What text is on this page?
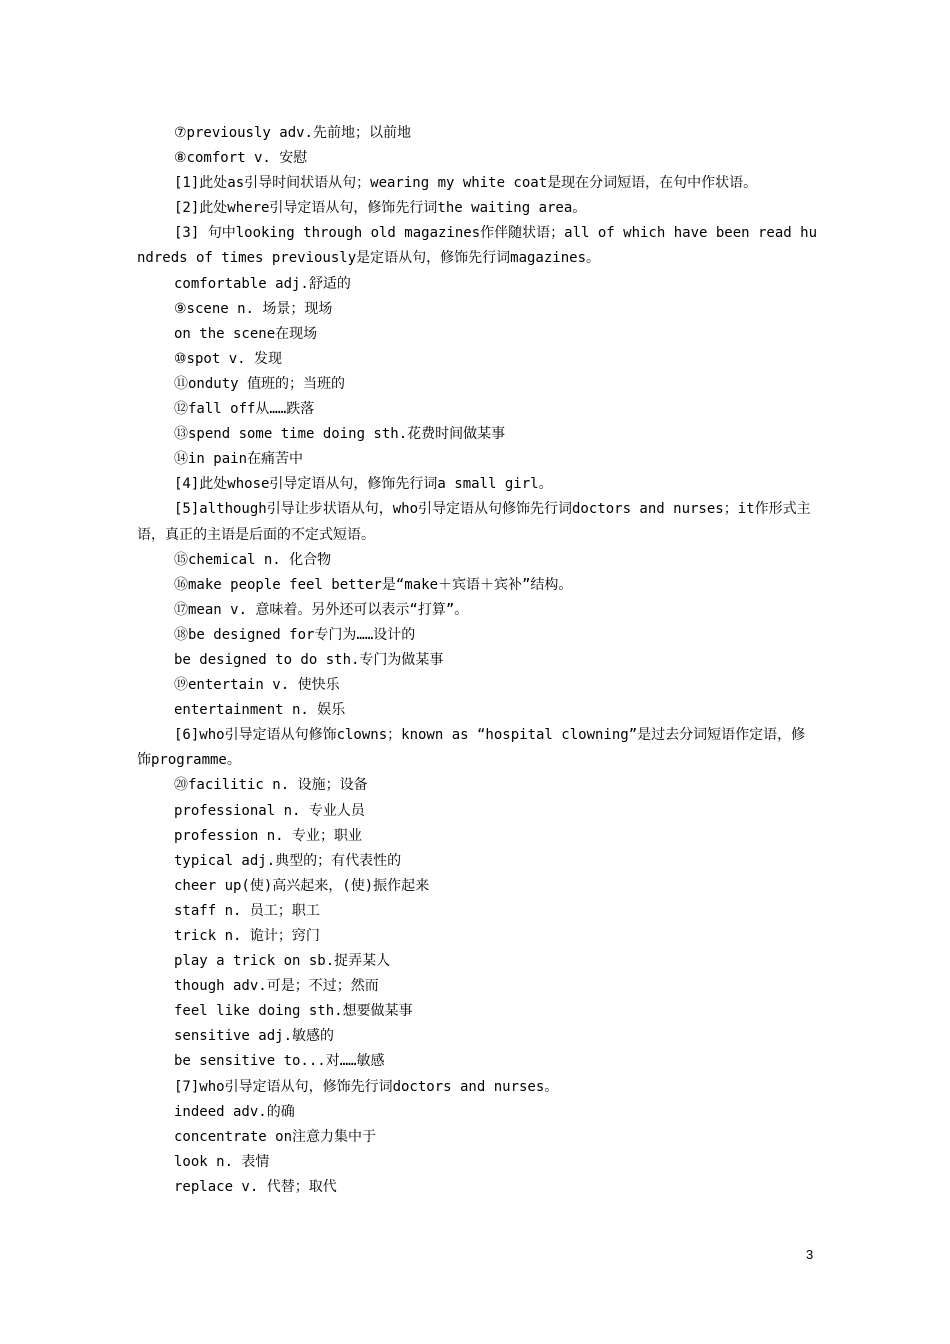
⑦previously adv.先前地；以前地
⑧comfort v. 安慰
[1]此处as引导时间状语从句；wearing my white coat是现在分词短语，在句中作状语。
[2]此处where引导定语从句，修饰先行词the waiting area。
[3] 句中looking through old magazines作伴随状语；all of which have been read hundreds of times previously是定语从句，修饰先行词magazines。
comfortable adj.舒适的
⑨scene n. 场景；现场
on the scene在现场
⑩spot v. 发现
⑪onduty 值班的；当班的
⑫fall off从……跌落
⑬spend some time doing sth.花费时间做某事
⑭in pain在痛苦中
[4]此处whose引导定语从句，修饰先行词a small girl。
[5]although引导让步状语从句，who引导定语从句修饰先行词doctors and nurses；it作形式主语，真正的主语是后面的不定式短语。
⑮chemical n. 化合物
⑯make people feel better是“make＋宾语＋宾补”结构。
⑰mean v. 意味着。另外还可以表示“打算”。
⑱be designed for专门为……设计的
be designed to do sth.专门为做某事
⑲entertain v. 使快乐
entertainment n. 娱乐
[6]who引导定语从句修饰clowns；known as “hospital clowning”是过去分词短语作定语，修饰programme。
⑳facilitic n. 设施；设备
professional n. 专业人员
profession n. 专业；职业
typical adj.典型的；有代表性的
cheer up(使)高兴起来，(使)振作起来
staff n. 员工；职工
trick n. 诡计；窍门
play a trick on sb.捉弄某人
though adv.可是；不过；然而
feel like doing sth.想要做某事
sensitive adj.敏感的
be sensitive to...对……敏感
[7]who引导定语从句，修饰先行词doctors and nurses。
indeed adv.的确
concentrate on注意力集中于
look n. 表情
replace v. 代替；取代
3
